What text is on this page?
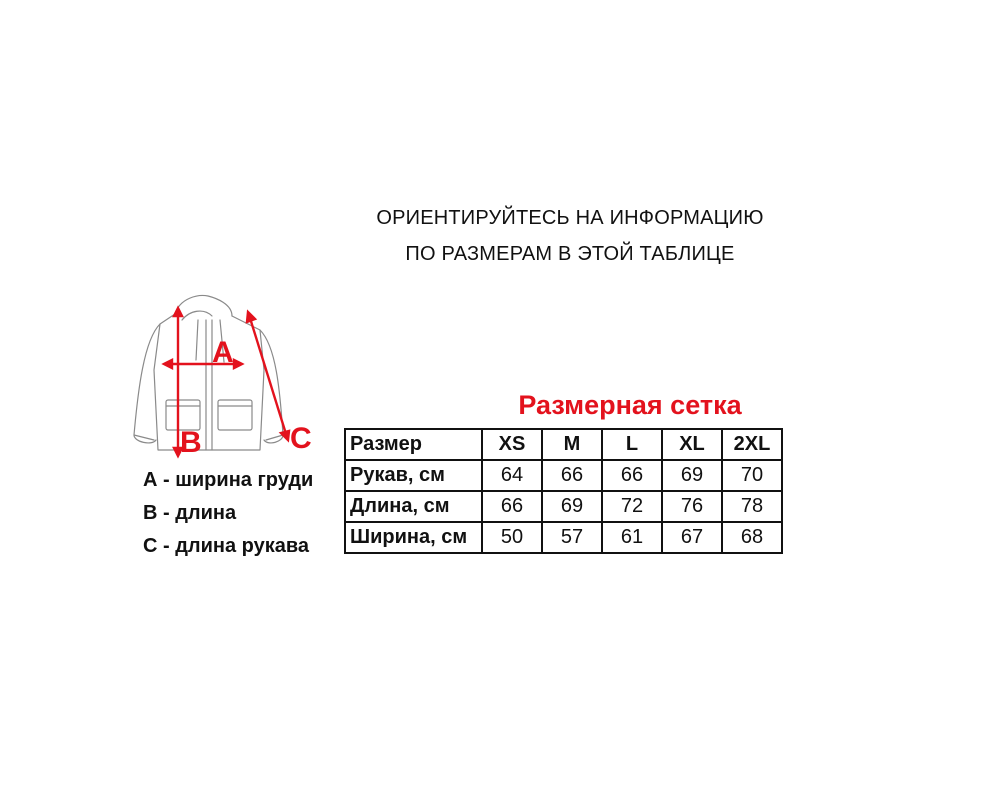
ОРИЕНТИРУЙТЕСЬ НА ИНФОРМАЦИЮ
ПО РАЗМЕРАМ В ЭТОЙ ТАБЛИЦЕ
Размерная сетка
A
B	C
А - ширина груди
В - длина
С - длина рукава
Размер	XS	M	L	XL	2XL
Рукав, см	64	66	66	69	70
Длина, см	66	69	72	76	78
Ширина, см	50	57	61	67	68
